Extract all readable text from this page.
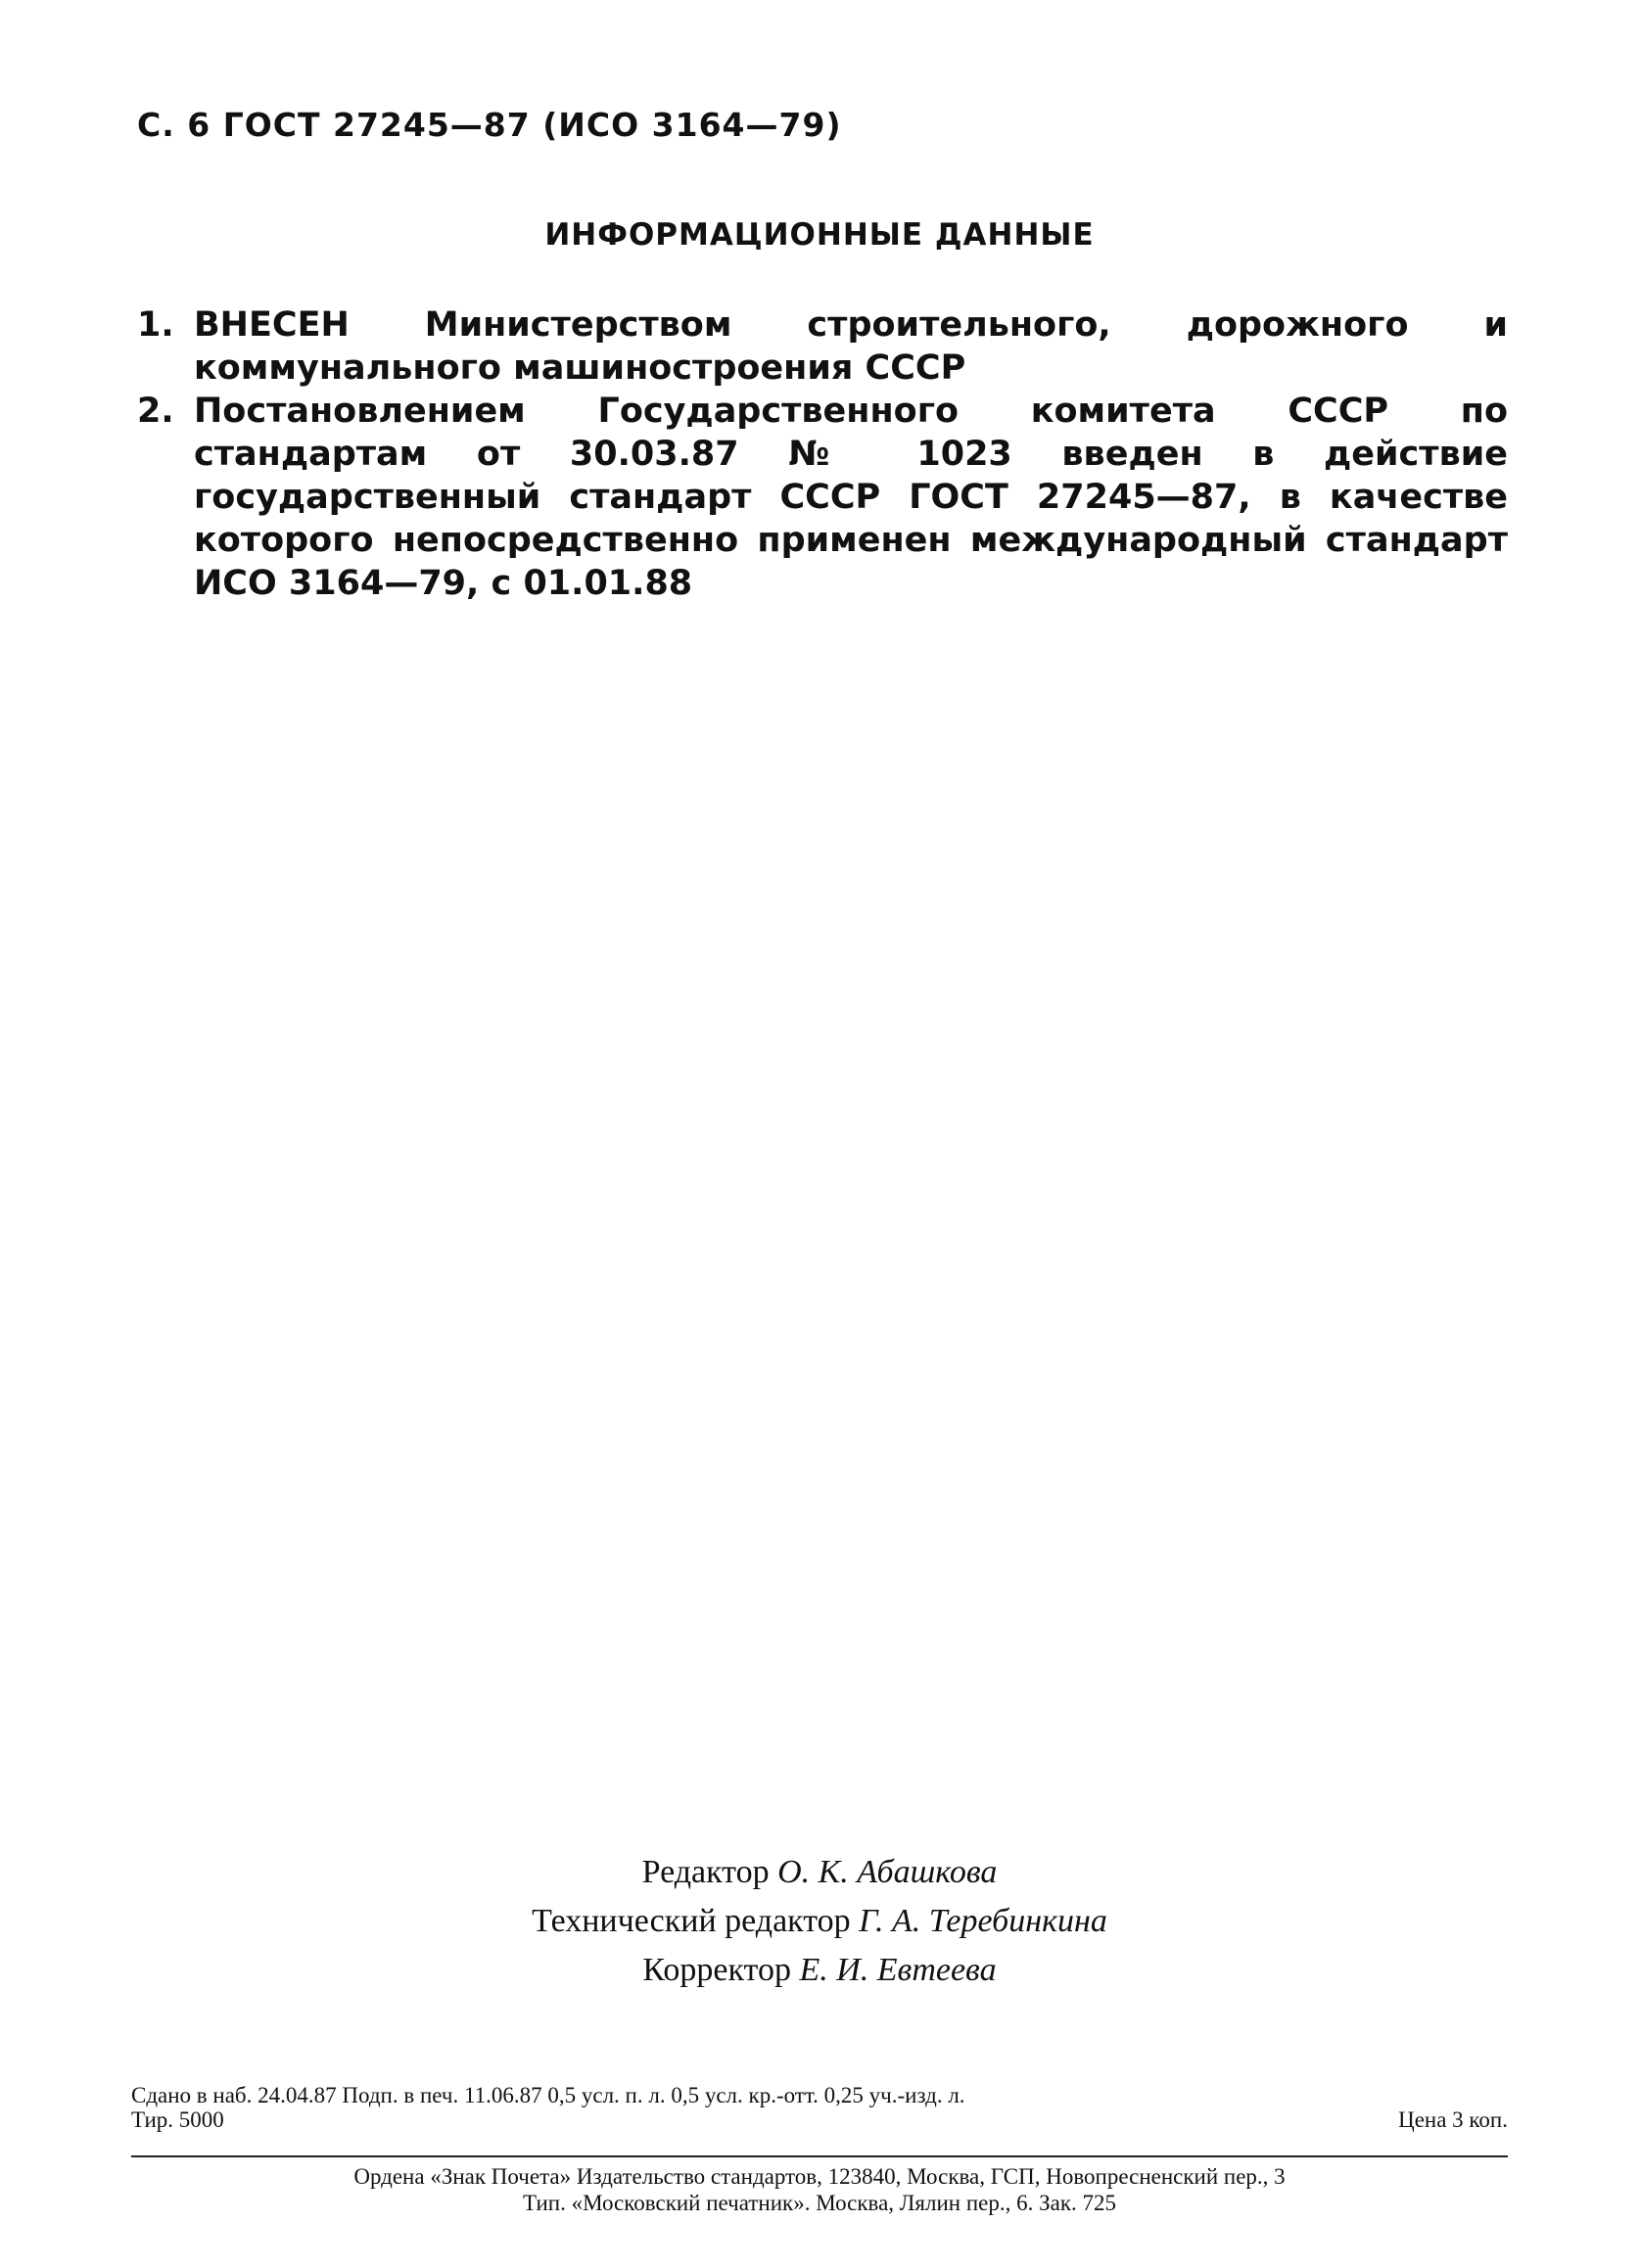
С. 6 ГОСТ 27245—87 (ИСО 3164—79)
ИНФОРМАЦИОННЫЕ ДАННЫЕ
1. ВНЕСЕН Министерством строительного, дорожного и коммунального машиностроения СССР
2. Постановлением Государственного комитета СССР по стандартам от 30.03.87 № 1023 введен в действие государственный стандарт СССР ГОСТ 27245—87, в качестве которого непосредственно применен международный стандарт ИСО 3164—79, с 01.01.88
Редактор О. К. Абашкова
Технический редактор Г. А. Теребинкина
Корректор Е. И. Евтеева
Сдано в наб. 24.04.87 Подп. в печ. 11.06.87 0,5 усл. п. л. 0,5 усл. кр.-отт. 0,25 уч.-изд. л.
Тир. 5000	Цена 3 коп.
Ордена «Знак Почета» Издательство стандартов, 123840, Москва, ГСП, Новопресненский пер., 3
Тип. «Московский печатник». Москва, Лялин пер., 6. Зак. 725
